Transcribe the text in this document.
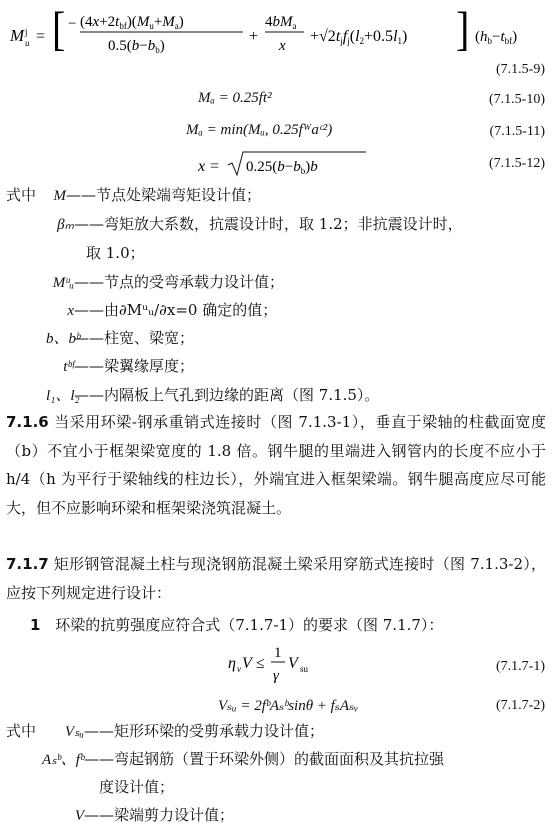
M j
u = [ − $(4x+2t_{bf})(M_u+M_a)$
$0.5(b-b_b)$
+
$4bM_a$
x
+√2tjfj(l2+0.5l1) ] $(h_b-t_{bf})$
(7.1.5-9)
Mₐ = 0.25ft²	(7.1.5-10)
Mₐ = min(Mᵤ, 0.25fᵂaᶜ²)	(7.1.5-11)
$x = 0.25(b-b_b)b$	(7.1.5-12)
式中	M——节点处梁端弯矩设计值；
βₘ——弯矩放大系数，抗震设计时，取 1.2；非抗震设计时，
取 1.0；
Mᵘᵤ——节点的受弯承载力设计值；
x——由∂Mᵘᵤ/∂x=0 确定的值；
b、bᵇ——柱宽、梁宽；
tᵇᶠ——梁翼缘厚度；
l₁、l₂——内隔板上气孔到边缘的距离（图 7.1.5）。
7.1.6 当采用环梁-钢承重销式连接时（图 7.1.3-1），垂直于梁轴的柱截面宽度（b）不宜小于框架梁宽度的 1.8 倍。钢牛腿的里端进入钢管内的长度不应小于 h/4（h 为平行于梁轴线的柱边长），外端宜进入框架梁端。钢牛腿高度应尽可能大，但不应影响环梁和框架梁浇筑混凝土。
7.1.7 矩形钢管混凝土柱与现浇钢筋混凝土梁采用穿筋式连接时（图 7.1.3-2），应按下列规定进行设计：
1 环梁的抗剪强度应符合式（7.1.7-1）的要求（图 7.1.7）：
η v V ≤
1
γ
V su	(7.1.7-1)
Vₛᵤ = 2fᵇAₛᵇsinθ + fₛAₛᵥ	(7.1.7-2)
式中	Vₛᵤ——矩形环梁的受剪承载力设计值；
Aₛᵇ、fᵇ——弯起钢筋（置于环梁外侧）的截面面积及其抗拉强
度设计值；
V——梁端剪力设计值；
